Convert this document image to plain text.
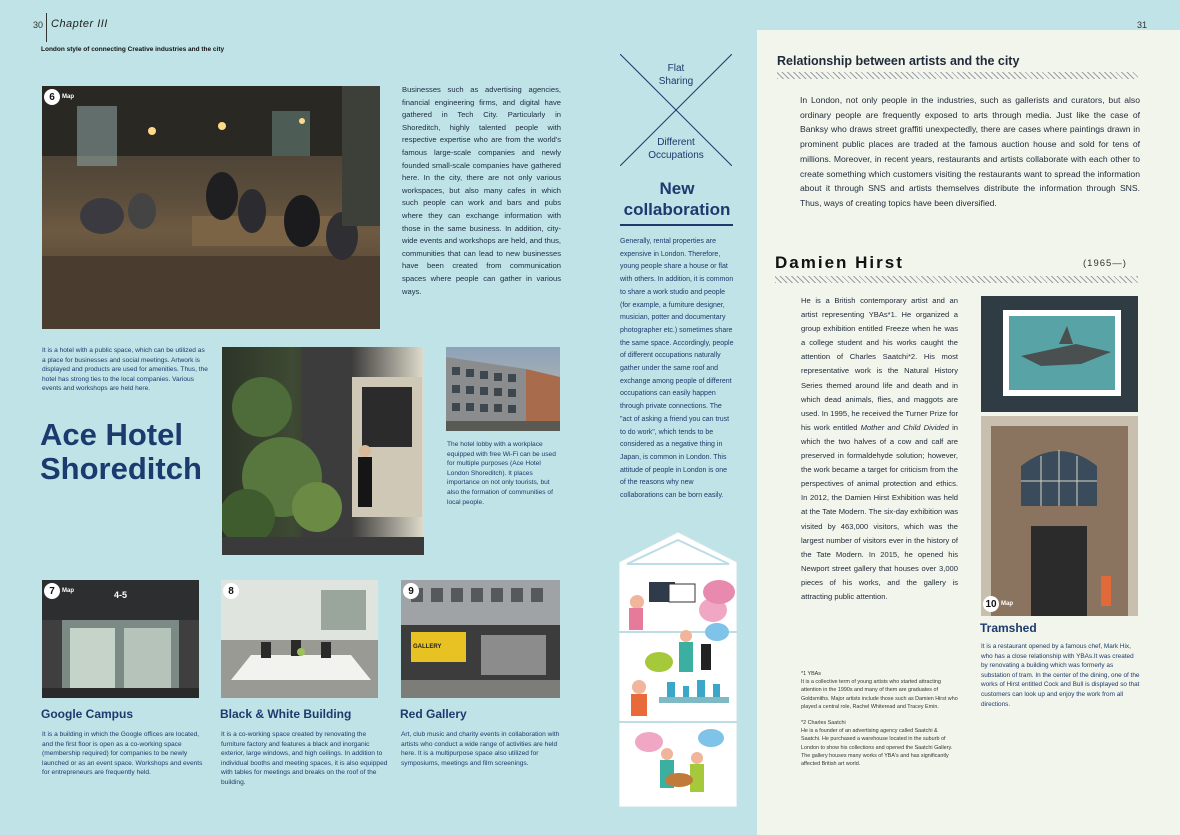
30 Chapter III
London style of connecting Creative industries and the city
31
6	Map
Businesses such as advertising agencies, financial engineering firms, and digital have gathered in Tech City. Particularly in Shoreditch, highly talented people with respective expertise who are from the world's famous large-scale companies and newly founded small-scale companies have gathered here. In the city, there are not only various workspaces, but also many cafes in which such people can work and bars and pubs where they can exchange information with those in the same business. In addition, city-wide events and workshops are held, and thus, communities that can lead to new businesses have been created from communication spaces where people can gather in various ways.
It is a hotel with a public space, which can be utilized as a place for businesses and social meetings. Artwork is displayed and products are used for amenities. Thus, the hotel has strong ties to the local companies. Various events and workshops are held here.
Ace Hotel
Shoreditch
The hotel lobby with a workplace equipped with free Wi-Fi can be used for multiple purposes (Ace Hotel London Shoreditch). It places importance on not only tourists, but also the formation of communities of local people.
4-5
7	Map
Google Campus
It is a building in which the Google offices are located, and the first floor is open as a co-working space (membership required) for companies to be newly launched or as an event space. Workshops and events for entrepreneurs are frequently held.
8
Black & White Building
It is a co-working space created by renovating the furniture factory and features a black and inorganic exterior, large windows, and high ceilings. In addition to individual booths and meeting spaces, it is also equipped with tables for meetings and breaks on the roof of the building.
GALLERY
9
Red Gallery
Art, club music and charity events in collaboration with artists who conduct a wide range of activities are held here. It is a multipurpose space also utilized for symposiums, meetings and film screenings.
Flat
Sharing
Different
Occupations
New
collaboration
Generally, rental properties are expensive in London. Therefore, young people share a house or flat with others. In addition, it is common to share a work studio and people (for example, a furniture designer, musician, potter and documentary photographer etc.) sometimes share the same space. Accordingly, people of different occupations naturally gather under the same roof and exchange among people of different occupations can easily happen through private connections. The "act of asking a friend you can trust to do work", which tends to be considered as a negative thing in Japan, is common in London. This attitude of people in London is one of the reasons why new collaborations can be born easily.
Relationship between artists and the city
In London, not only people in the industries, such as gallerists and curators, but also ordinary people are frequently exposed to arts through media. Just like the case of Banksy who draws street graffiti unexpectedly, there are cases where paintings drawn in prominent public places are traded at the famous auction house and sold for tens of millions. Moreover, in recent years, restaurants and artists collaborate with each other to create something which customers visiting the restaurants want to spread the information about it through SNS and artists themselves distribute the information through SNS. Thus, ways of creating topics have been diversified.
Damien Hirst	(1965—)
He is a British contemporary artist and an artist representing YBAs*1. He organized a group exhibition entitled Freeze when he was a college student and his works caught the attention of Charles Saatchi*2. His most representative work is the Natural History Series themed around life and death and in which dead animals, flies, and maggots are used. In 1995, he received the Turner Prize for his work entitled Mother and Child Divided in which the two halves of a cow and calf are preserved in formaldehyde solution; however, the work became a target for criticism from the perspectives of animal protection and ethics. In 2012, the Damien Hirst Exhibition was held at the Tate Modern. The six-day exhibition was visited by 463,000 visitors, which was the largest number of visitors ever in the history of the Tate Modern. In 2015, he opened his Newport street gallery that houses over 3,000 pieces of his works, and the gallery is attracting public attention.
*1 YBAs
It is a collective term of young artists who started attracting attention in the 1990s and many of them are graduates of Goldsmiths. Major artists include those such as Damien Hirst who played a central role, Rachel Whiteread and Tracey Emin.
*2 Charles Saatchi
He is a founder of an advertising agency called Saatchi & Saatchi. He purchased a warehouse located in the suburb of London to show his collections and opened the Saatchi Gallery. The gallery houses many works of YBA's and has significantly affected British art world.
10 Map
Tramshed
It is a restaurant opened by a famous chef, Mark Hix, who has a close relationship with YBAs.It was created by renovating a building which was formerly as substation of tram. In the center of the dining, one of the works of Hirst entitled Cock and Bull is displayed so that customers can look up and enjoy the work from all directions.
